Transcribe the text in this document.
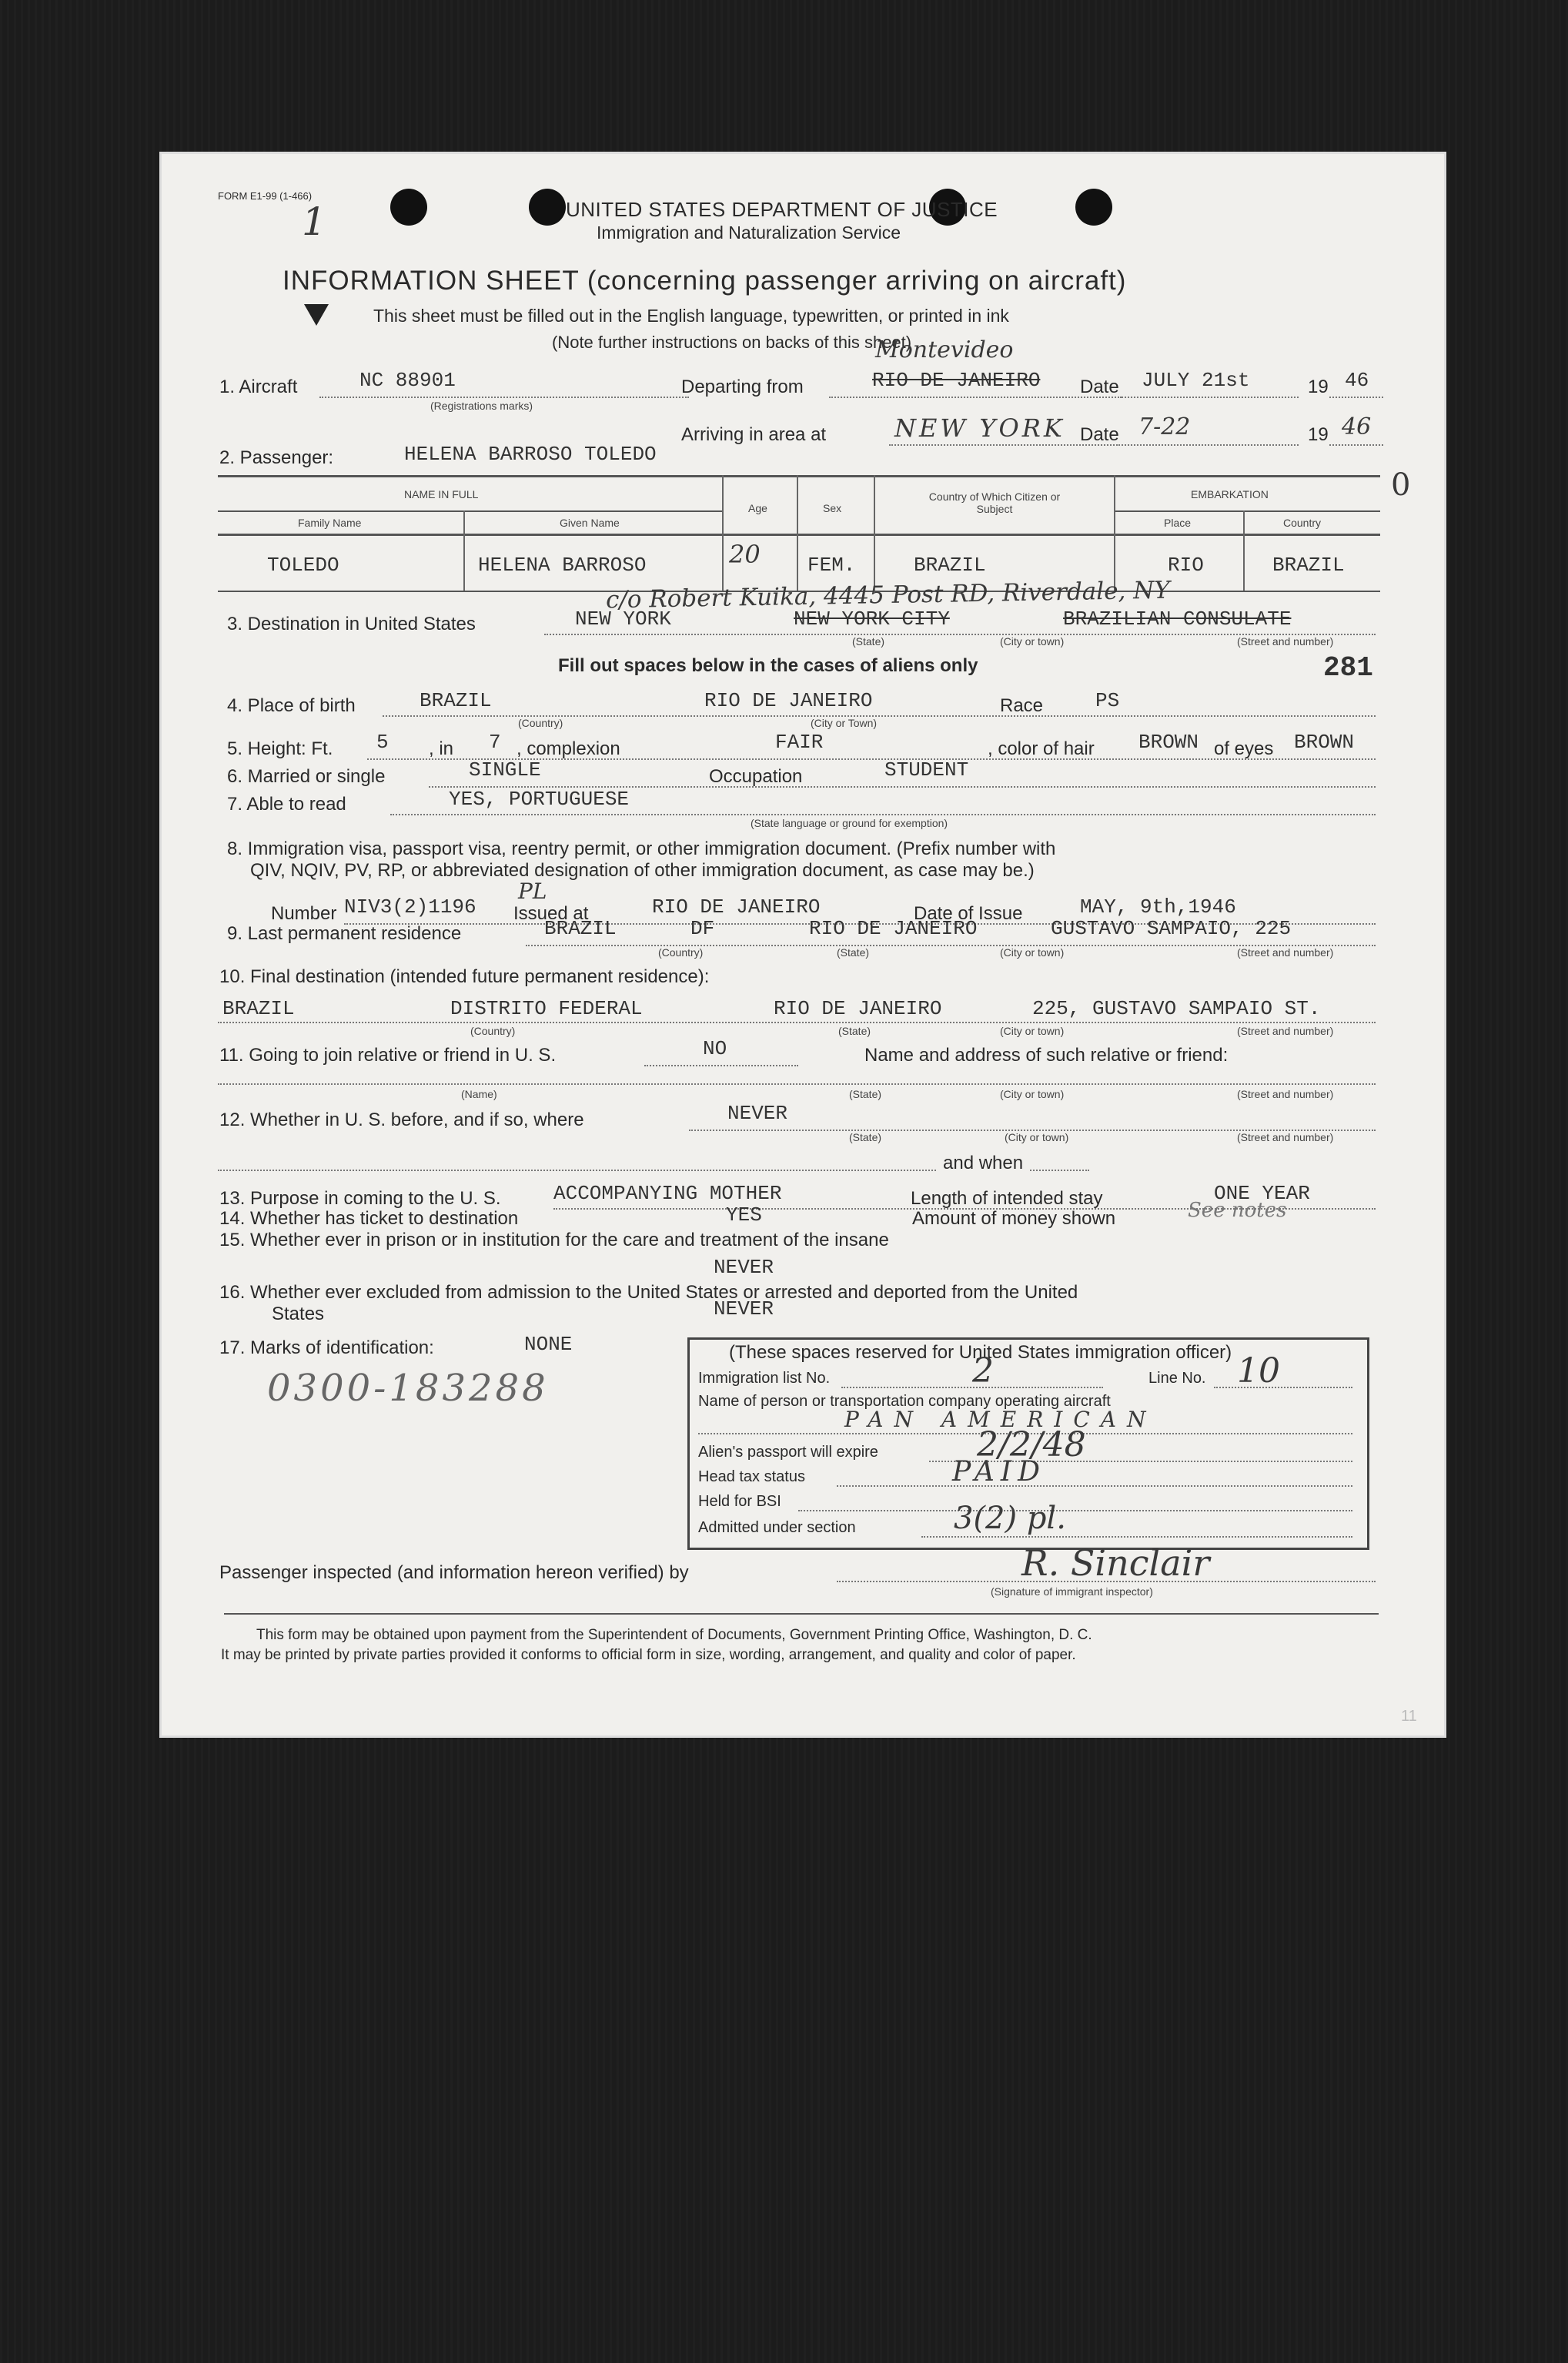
FORM E1-99 (1-466)
1	UNITED STATES DEPARTMENT OF JUSTICE
Immigration and Naturalization Service
INFORMATION SHEET (concerning passenger arriving on aircraft)
This sheet must be filled out in the English language, typewritten, or printed in ink
(Note further instructions on backs of this sheet)
1. Aircraft	NC 88901
(Registrations marks)
Departing from	RIO DE JANEIRO
Montevideo
Date JULY 21st	19 46
Arriving in area at	NEW YORK Date 7-22	19 46
2. Passenger:	HELENA BARROSO TOLEDO
0
NAME IN FULL
Family Name	Given Name
Age	Sex
Country of Which Citizen or Subject
EMBARKATION
Place	Country
TOLEDO	HELENA BARROSO	20 FEM.	BRAZIL	RIO	BRAZIL
c/o Robert Kuika, 4445 Post RD, Riverdale, NY
3. Destination in United States	NEW YORK	NEW YORK CITY	BRAZILIAN CONSULATE
(State)	(City or town)	(Street and number)
Fill out spaces below in the cases of aliens only	281
4. Place of birth	BRAZIL	RIO DE JANEIRO	Race	PS
(Country)	(City or Town)
5. Height: Ft. 5 , in 7 , complexion	FAIR	, color of hair BROWN of eyes BROWN
6. Married or single	SINGLE	Occupation	STUDENT
7. Able to read	YES, PORTUGUESE
(State language or ground for exemption)
8. Immigration visa, passport visa, reentry permit, or other immigration document. (Prefix number with
QIV, NQIV, PV, RP, or abbreviated designation of other immigration document, as case may be.)
Number NIV3(2)1196
PL
Issued at	RIO DE JANEIRO	Date of Issue	MAY, 9th,1946
9. Last permanent residence	BRAZIL	DF	RIO DE JANEIRO	GUSTAVO SAMPAIO, 225
(Country)	(State)	(City or town)	(Street and number)
10. Final destination (intended future permanent residence):
BRAZIL	DISTRITO FEDERAL	RIO DE JANEIRO	225, GUSTAVO SAMPAIO ST.
(Country)	(State)	(City or town)	(Street and number)
11. Going to join relative or friend in U. S.	NO	Name and address of such relative or friend:
(Name)	(State)	(City or town)	(Street and number)
12. Whether in U. S. before, and if so, where	NEVER
(State)	(City or town)	(Street and number)
and when
13. Purpose in coming to the U. S.	ACCOMPANYING MOTHER	Length of intended stay	ONE YEAR
14. Whether has ticket to destination	YES	Amount of money shown	See notes
15. Whether ever in prison or in institution for the care and treatment of the insane
NEVER
16. Whether ever excluded from admission to the United States or arrested and deported from the United
States	NEVER
17. Marks of identification:	NONE
0300-183288
(These spaces reserved for United States immigration officer)
Immigration list No.	2	Line No. 10
Name of person or transportation company operating aircraft
PAN AMERICAN
Alien's passport will expire	2/2/48
Head tax status	PAID
Held for BSI
Admitted under section	3(2) pl.
Passenger inspected (and information hereon verified) by	R. Sinclair
(Signature of immigrant inspector)
This form may be obtained upon payment from the Superintendent of Documents, Government Printing Office, Washington, D. C.
It may be printed by private parties provided it conforms to official form in size, wording, arrangement, and quality and color of paper.
11
